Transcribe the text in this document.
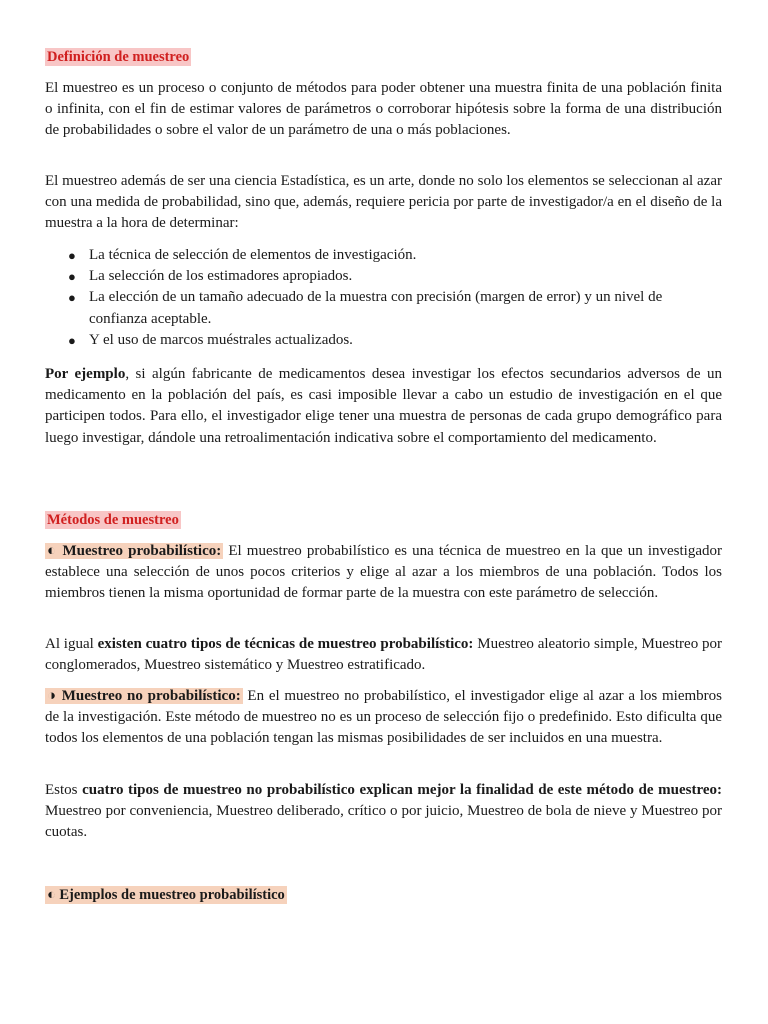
Definición de muestreo

El muestreo es un proceso o conjunto de métodos para poder obtener una muestra finita de una población finita o infinita, con el fin de estimar valores de parámetros o corroborar hipótesis sobre la forma de una distribución de probabilidades o sobre el valor de un parámetro de una o más poblaciones.

El muestreo además de ser una ciencia Estadística, es un arte, donde no solo los elementos se seleccionan al azar con una medida de probabilidad, sino que, además, requiere pericia por parte de investigador/a en el diseño de la muestra a la hora de determinar:

● La técnica de selección de elementos de investigación.
● La selección de los estimadores apropiados.
● La elección de un tamaño adecuado de la muestra con precisión (margen de error) y un nivel de confianza aceptable.
● Y el uso de marcos muéstrales actualizados.

Por ejemplo, si algún fabricante de medicamentos desea investigar los efectos secundarios adversos de un medicamento en la población del país, es casi imposible llevar a cabo un estudio de investigación en el que participen todos. Para ello, el investigador elige tener una muestra de personas de cada grupo demográfico para luego investigar, dándole una retroalimentación indicativa sobre el comportamiento del medicamento.

Métodos de muestreo

◐ Muestreo probabilístico: El muestreo probabilístico es una técnica de muestreo en la que un investigador establece una selección de unos pocos criterios y elige al azar a los miembros de una población. Todos los miembros tienen la misma oportunidad de formar parte de la muestra con este parámetro de selección.

Al igual existen cuatro tipos de técnicas de muestreo probabilístico: Muestreo aleatorio simple, Muestreo por conglomerados, Muestreo sistemático y Muestreo estratificado.

◑ Muestreo no probabilístico: En el muestreo no probabilístico, el investigador elige al azar a los miembros de la investigación. Este método de muestreo no es un proceso de selección fijo o predefinido. Esto dificulta que todos los elementos de una población tengan las mismas posibilidades de ser incluidos en una muestra.

Estos cuatro tipos de muestreo no probabilístico explican mejor la finalidad de este método de muestreo: Muestreo por conveniencia, Muestreo deliberado, crítico o por juicio, Muestreo de bola de nieve y Muestreo por cuotas.

◐ Ejemplos de muestreo probabilístico
